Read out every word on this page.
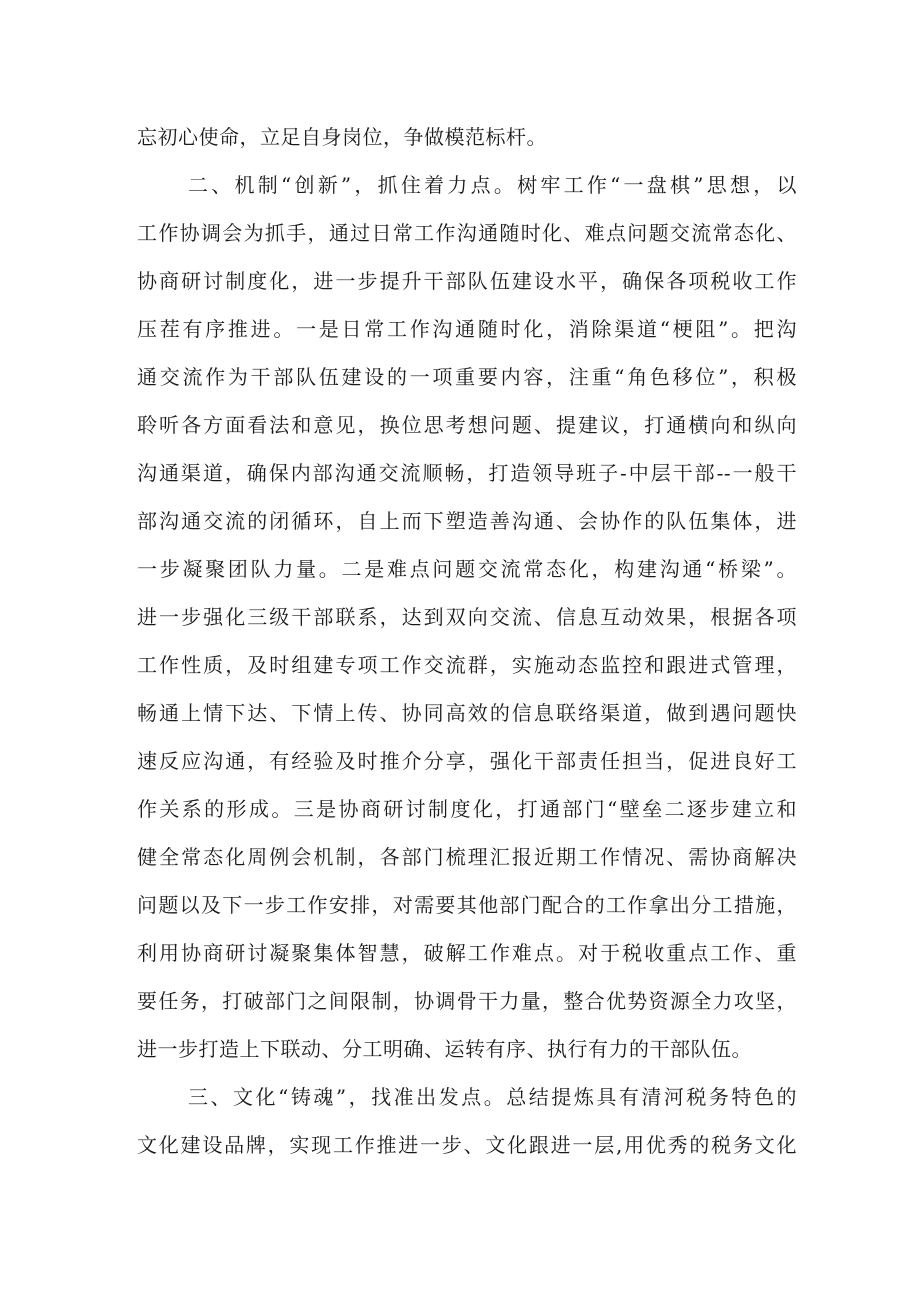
忘初心使命，立足自身岗位，争做模范标杆。
二、机制“创新”，抓住着力点。树牢工作“一盘棋”思想，以
工作协调会为抓手，通过日常工作沟通随时化、难点问题交流常态化、
协商研讨制度化，进一步提升干部队伍建设水平，确保各项税收工作
压茬有序推进。一是日常工作沟通随时化，消除渠道“梗阻”。把沟
通交流作为干部队伍建设的一项重要内容，注重“角色移位”，积极
聆听各方面看法和意见，换位思考想问题、提建议，打通横向和纵向
沟通渠道，确保内部沟通交流顺畅，打造领导班子-中层干部--一般干
部沟通交流的闭循环，自上而下塑造善沟通、会协作的队伍集体，进
一步凝聚团队力量。二是难点问题交流常态化，构建沟通“桥梁”。
进一步强化三级干部联系，达到双向交流、信息互动效果，根据各项
工作性质，及时组建专项工作交流群，实施动态监控和跟进式管理，
畅通上情下达、下情上传、协同高效的信息联络渠道，做到遇问题快
速反应沟通，有经验及时推介分享，强化干部责任担当，促进良好工
作关系的形成。三是协商研讨制度化，打通部门“壁垒二逐步建立和
健全常态化周例会机制，各部门梳理汇报近期工作情况、需协商解决
问题以及下一步工作安排，对需要其他部门配合的工作拿出分工措施，
利用协商研讨凝聚集体智慧，破解工作难点。对于税收重点工作、重
要任务，打破部门之间限制，协调骨干力量，整合优势资源全力攻坚，
进一步打造上下联动、分工明确、运转有序、执行有力的干部队伍。
三、文化“铸魂”，找准出发点。总结提炼具有清河税务特色的
文化建设品牌，实现工作推进一步、文化跟进一层,用优秀的税务文化
